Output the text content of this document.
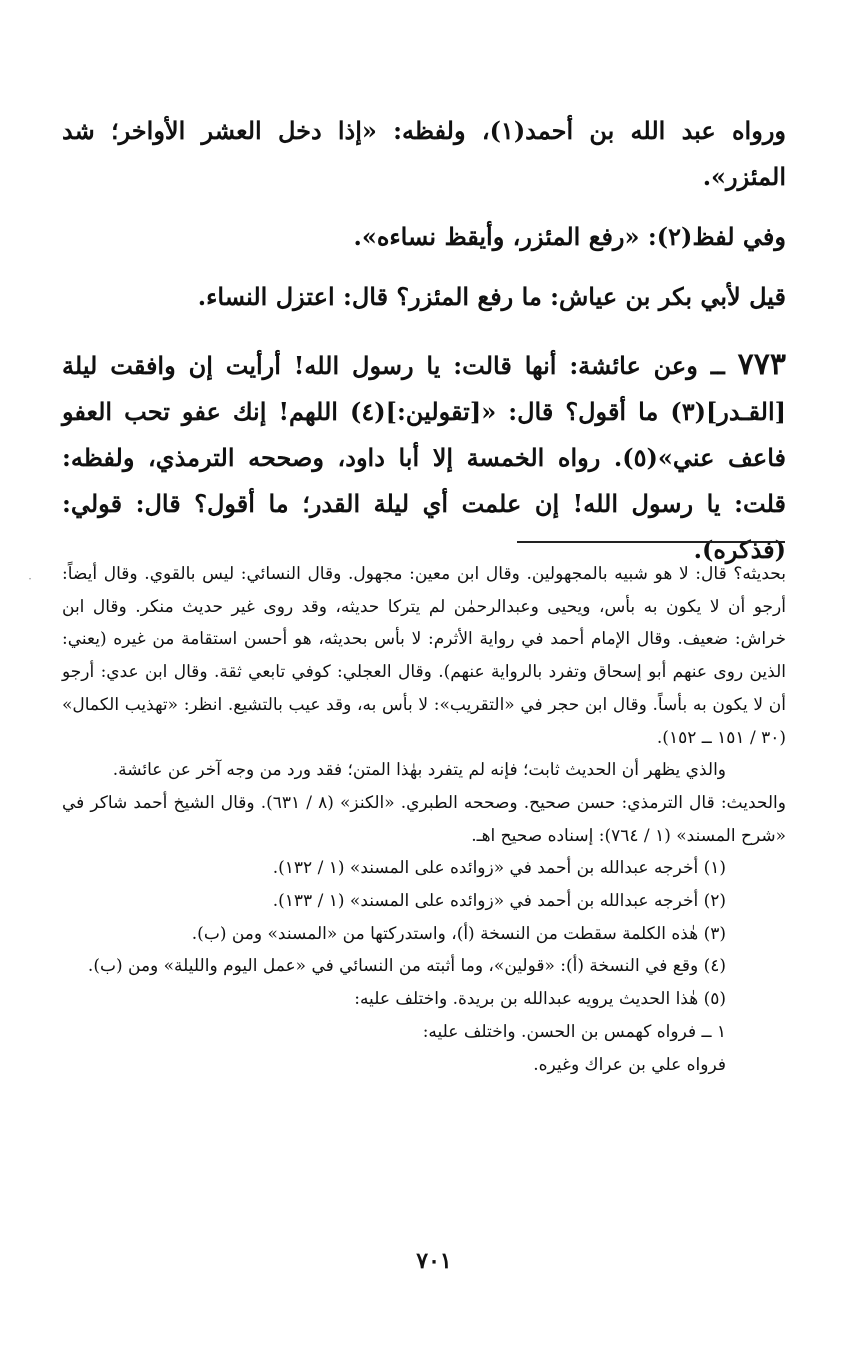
ورواه عبد الله بن أحمد(١)، ولفظه: «إذا دخل العشر الأواخر؛ شد المئزر».

وفي لفظ(٢): «رفع المئزر، وأيقظ نساءه».

قيل لأبي بكر بن عياش: ما رفع المئزر؟ قال: اعتزل النساء.

٧٧٣ ــ وعن عائشة: أنها قالت: يا رسول الله! أرأيت إن وافقت ليلة [القـدر](٣) ما أقول؟ قال: «[تقولين:](٤) اللهم! إنك عفو تحب العفو فاعف عني»(٥). رواه الخمسة إلا أبا داود، وصححه الترمذي، ولفظه: قلت: يا رسول الله! إن علمت أي ليلة القدر؛ ما أقول؟ قال: قولي: (فذكره).

بحديثه؟ قال: لا هو شبيه بالمجهولين. وقال ابن معين: مجهول. وقال النسائي: ليس بالقوي. وقال أيضاً: أرجو أن لا يكون به بأس، ويحيى وعبدالرحمٰن لم يتركا حديثه، وقد روى غير حديث منكر. وقال ابن خراش: ضعيف. وقال الإمام أحمد في رواية الأثرم: لا بأس بحديثه، هو أحسن استقامة من غيره (يعني: الذين روى عنهم أبو إسحاق وتفرد بالرواية عنهم). وقال العجلي: كوفي تابعي ثقة. وقال ابن عدي: أرجو أن لا يكون به بأساً. وقال ابن حجر في «التقريب»: لا بأس به، وقد عيب بالتشيع. انظر: «تهذيب الكمال» (٣٠ / ١٥١ ــ ١٥٢).

والذي يظهر أن الحديث ثابت؛ فإنه لم يتفرد بهٰذا المتن؛ فقد ورد من وجه آخر عن عائشة.

والحديث: قال الترمذي: حسن صحيح. وصححه الطبري. «الكنز» (٨ / ٦٣١). وقال الشيخ أحمد شاكر في «شرح المسند» (١ / ٧٦٤): إسناده صحيح اهـ.

(١) أخرجه عبدالله بن أحمد في «زوائده على المسند» (١ / ١٣٢).

(٢) أخرجه عبدالله بن أحمد في «زوائده على المسند» (١ / ١٣٣).

(٣) هٰذه الكلمة سقطت من النسخة (أ)، واستدركتها من «المسند» ومن (ب).

(٤) وقع في النسخة (أ): «قولين»، وما أثبته من النسائي في «عمل اليوم والليلة» ومن (ب).

(٥) هٰذا الحديث يرويه عبدالله بن بريدة. واختلف عليه:

١ ــ فرواه كهمس بن الحسن. واختلف عليه:

فرواه علي بن عراك وغيره.

·
٧٠١
